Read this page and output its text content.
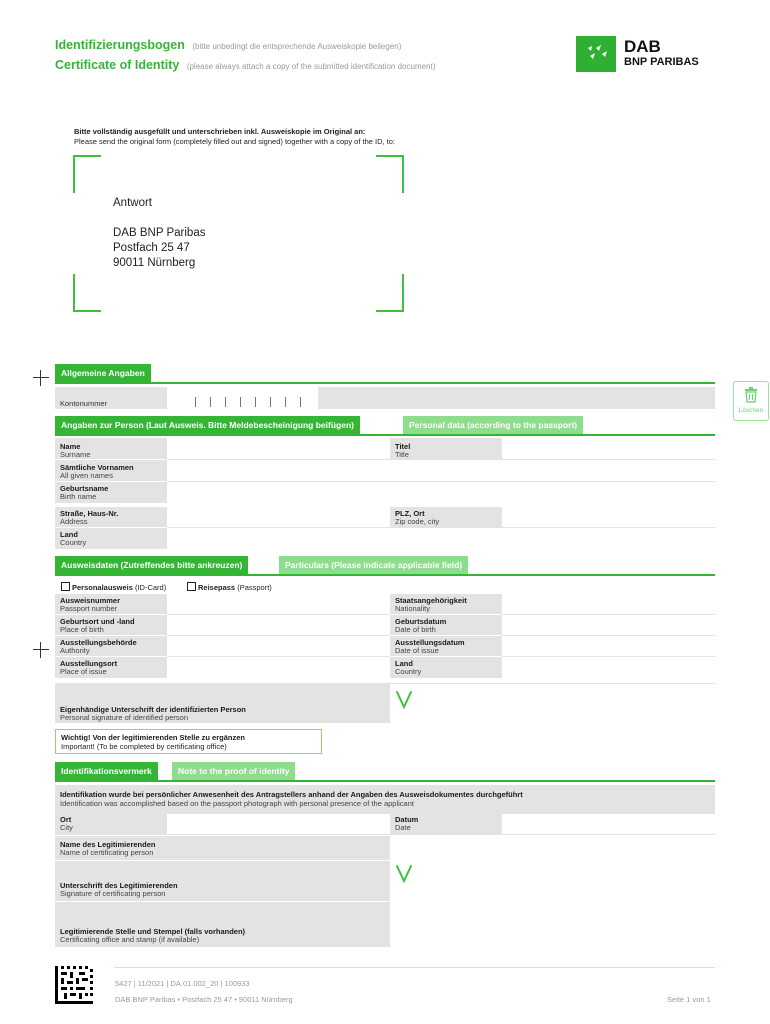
Identifizierungsbogen (bitte unbedingt die entsprechende Ausweiskopie beilegen)
Certificate of Identity (please always attach a copy of the submitted identification document)
DAB
BNP PARIBAS
Bitte vollständig ausgefüllt und unterschrieben inkl. Ausweiskopie im Original an:
Please send the original form (completely filled out and signed) together with a copy of the ID, to:
Antwort
DAB BNP Paribas
Postfach 25 47
90011 Nürnberg
Löschen
Allgemeine Angaben
Kontonummer
Angaben zur Person (Laut Ausweis. Bitte Meldebescheinigung beifügen)	Personal data (according to the passport)
Name
Surname
Titel
Title
Sämtliche Vornamen
All given names
Geburtsname
Birth name
Straße, Haus-Nr.
Address
PLZ, Ort
Zip code, city
Land
Country
Ausweisdaten (Zutreffendes bitte ankreuzen)	Particulars (Please indicate applicable field)
Personalausweis (ID-Card)	Reisepass (Passport)
Ausweisnummer
Passport number
Staatsangehörigkeit
Nationality
Geburtsort und -land
Place of birth
Geburtsdatum
Date of birth
Ausstellungsbehörde
Authority
Ausstellungsdatum
Date of issue
Ausstellungsort
Place of issue
Land
Country
Eigenhändige Unterschrift der identifizierten Person
Personal signature of identified person
Wichtig! Von der legitimierenden Stelle zu ergänzen
Important! (To be completed by certificating office)
Identifikationsvermerk	Note to the proof of identity
Identifikation wurde bei persönlicher Anwesenheit des Antragstellers anhand der Angaben des Ausweisdokumentes durchgeführt
Identification was accomplished based on the passport photograph with personal presence of the applicant
Ort
City
Datum
Date
Name des Legitimierenden
Name of certificating person
Unterschrift des Legitimierenden
Signature of certificating person
Legitimierende Stelle und Stempel (falls vorhanden)
Certificating office and stamp (if available)
5427 | 11/2021 | DA.01.002_20 | 100933
DAB BNP Paribas • Postfach 25 47 • 90011 Nürnberg	Seite 1 von 1
